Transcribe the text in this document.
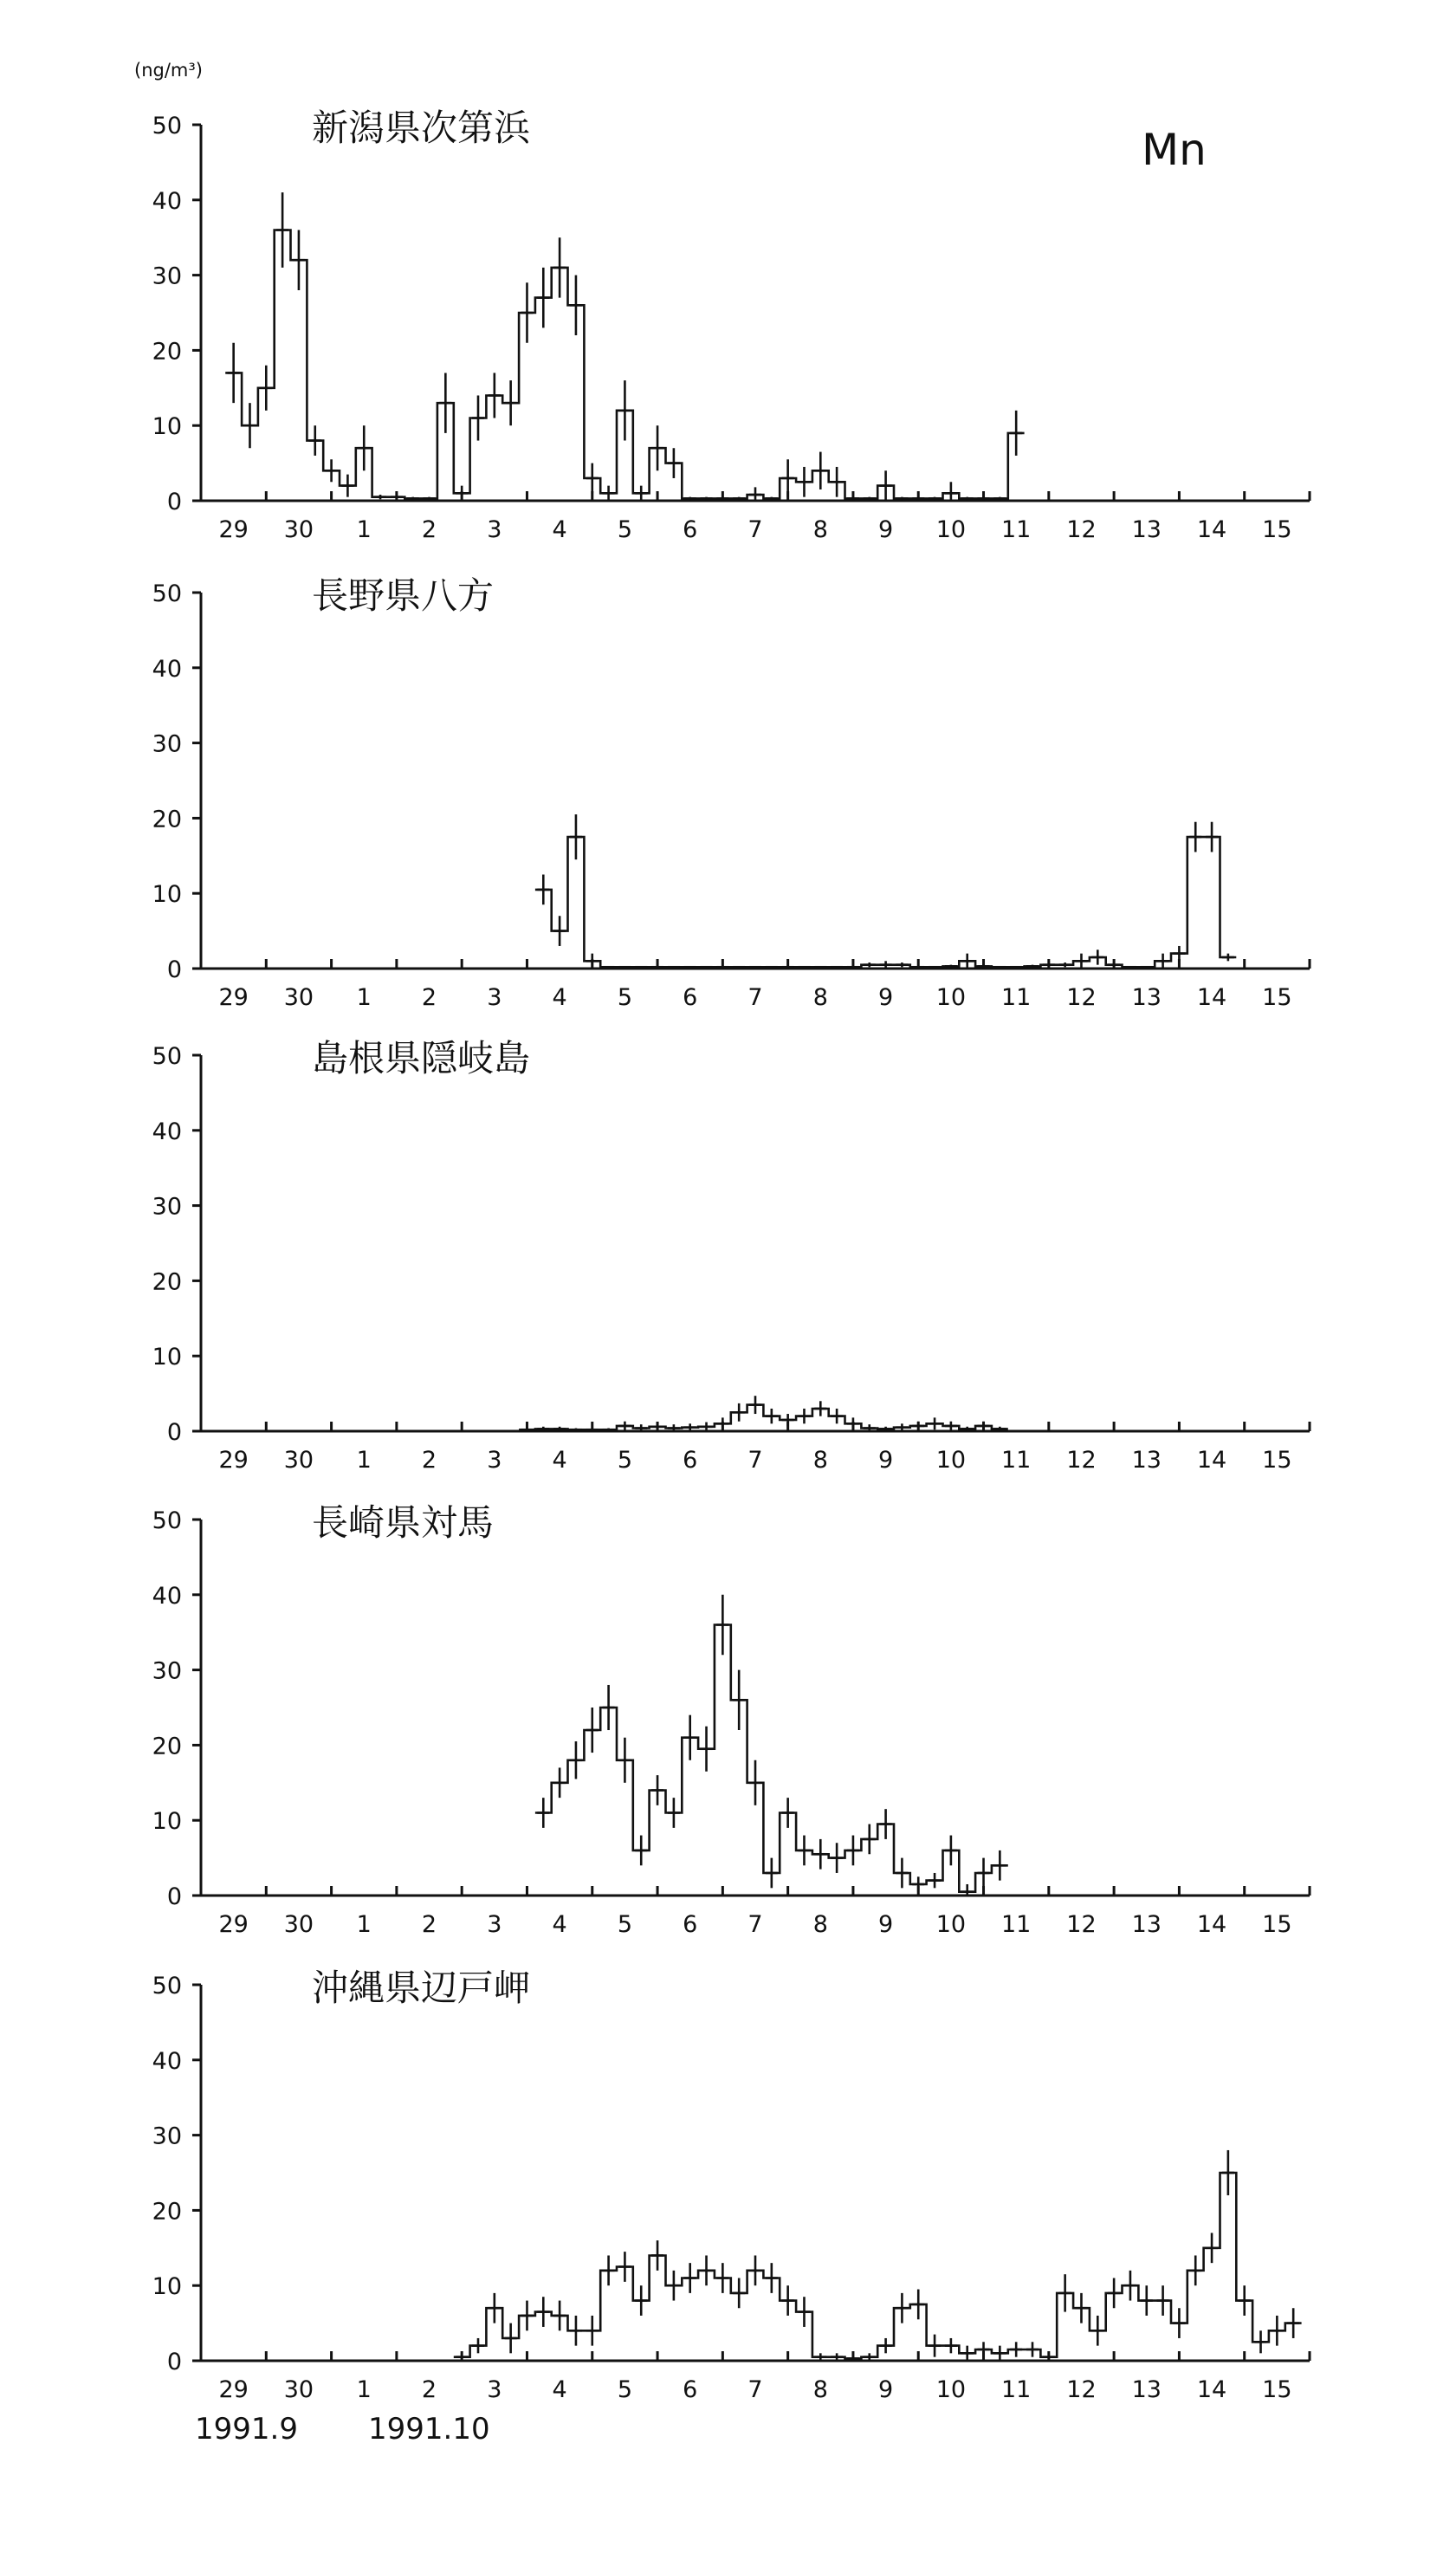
(ng/m³)
Mn
新潟県次第浜
0
10
20
30
40
50
29 30 1 2 3 4 5 6 7 8 9 10 11 12 13 14 15
長野県八方
0
10
20
30
40
50
29 30 1 2 3 4 5 6 7 8 9 10 11 12 13 14 15
島根県隠岐島
0
10
20
30
40
50
29 30 1 2 3 4 5 6 7 8 9 10 11 12 13 14 15
長崎県対馬
0
10
20
30
40
50
29 30 1 2 3 4 5 6 7 8 9 10 11 12 13 14 15
沖縄県辺戸岬
0
10
20
30
40
50
29 30 1 2 3 4 5 6 7 8 9 10 11 12 13 14 15
1991.9 1991.10
